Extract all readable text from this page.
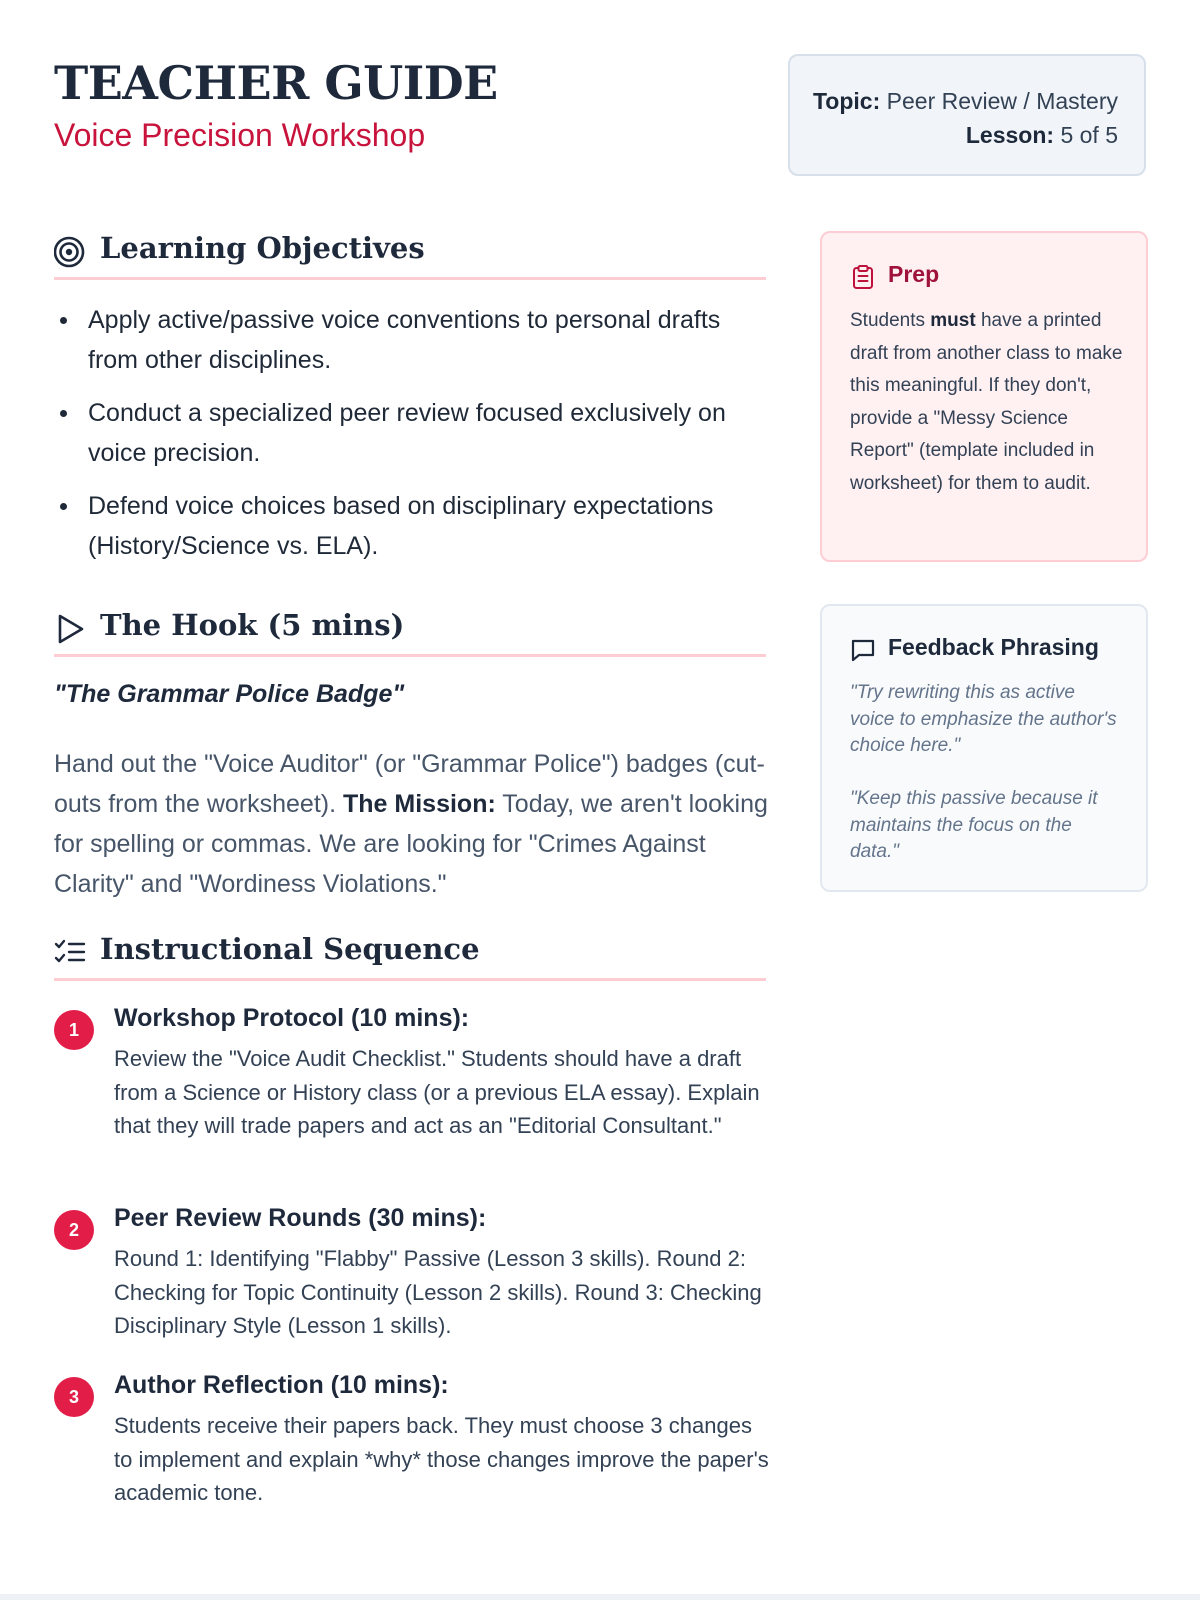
TEACHER GUIDE
Voice Precision Workshop
Topic: Peer Review / Mastery
Lesson: 5 of 5
Learning Objectives
Apply active/passive voice conventions to personal drafts from other disciplines.
Conduct a specialized peer review focused exclusively on voice precision.
Defend voice choices based on disciplinary expectations (History/Science vs. ELA).
The Hook (5 mins)
"The Grammar Police Badge"
Hand out the "Voice Auditor" (or "Grammar Police") badges (cut-outs from the worksheet). The Mission: Today, we aren't looking for spelling or commas. We are looking for "Crimes Against Clarity" and "Wordiness Violations."
Instructional Sequence
1	Workshop Protocol (10 mins):
Review the "Voice Audit Checklist." Students should have a draft from a Science or History class (or a previous ELA essay). Explain that they will trade papers and act as an "Editorial Consultant."
2	Peer Review Rounds (30 mins):
Round 1: Identifying "Flabby" Passive (Lesson 3 skills). Round 2: Checking for Topic Continuity (Lesson 2 skills). Round 3: Checking Disciplinary Style (Lesson 1 skills).
3	Author Reflection (10 mins):
Students receive their papers back. They must choose 3 changes to implement and explain *why* those changes improve the paper's academic tone.
Prep
Students must have a printed draft from another class to make this meaningful. If they don't, provide a "Messy Science Report" (template included in worksheet) for them to audit.
Feedback Phrasing
"Try rewriting this as active voice to emphasize the author's choice here."
"Keep this passive because it maintains the focus on the data."
